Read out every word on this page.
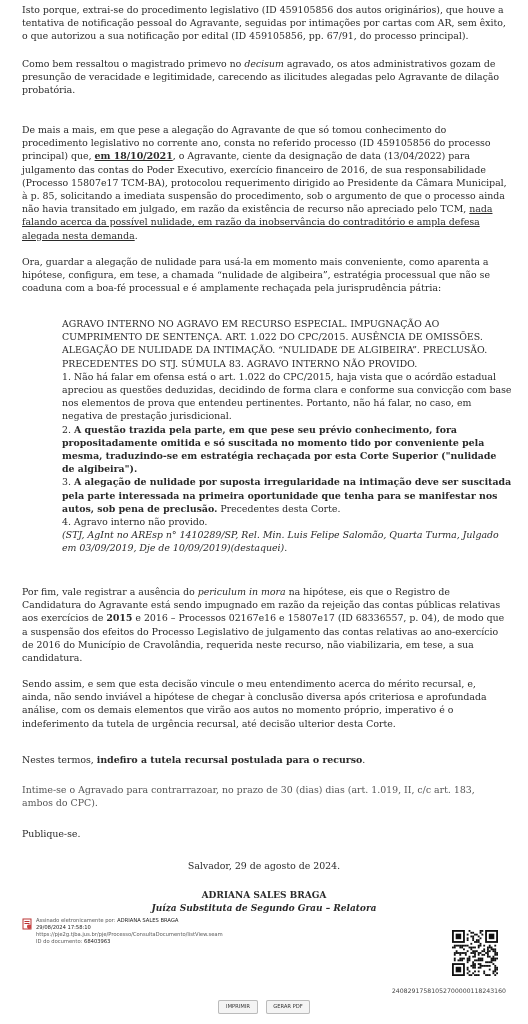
Isto porque, extrai-se do procedimento legislativo (ID 459105856 dos autos originários), que houve a tentativa de notificação pessoal do Agravante, seguidas por intimações por cartas com AR, sem êxito, o que autorizou a sua notificação por edital (ID 459105856, pp. 67/91, do processo principal).

Como bem ressaltou o magistrado primevo no decisum agravado, os atos administrativos gozam de presunção de veracidade e legitimidade, carecendo as ilicitudes alegadas pelo Agravante de dilação probatória.

De mais a mais, em que pese a alegação do Agravante de que só tomou conhecimento do procedimento legislativo no corrente ano, consta no referido processo (ID 459105856 do processo principal) que, em 18/10/2021, o Agravante, ciente da designação de data (13/04/2022) para julgamento das contas do Poder Executivo, exercício financeiro de 2016, de sua responsabilidade (Processo 15807e17 TCM-BA), protocolou requerimento dirigido ao Presidente da Câmara Municipal, à p. 85, solicitando a imediata suspensão do procedimento, sob o argumento de que o processo ainda não havia transitado em julgado, em razão da existência de recurso não apreciado pelo TCM, nada falando acerca da possível nulidade, em razão da inobservância do contraditório e ampla defesa alegada nesta demanda.

Ora, guardar a alegação de nulidade para usá-la em momento mais conveniente, como aparenta a hipótese, configura, em tese, a chamada “nulidade de algibeira”, estratégia processual que não se coaduna com a boa-fé processual e é amplamente rechaçada pela jurisprudência pátria:

AGRAVO INTERNO NO AGRAVO EM RECURSO ESPECIAL. IMPUGNAÇÃO AO CUMPRIMENTO DE SENTENÇA. ART. 1.022 DO CPC/2015. AUSÊNCIA DE OMISSÕES. ALEGAÇÃO DE NULIDADE DA INTIMAÇÃO. “NULIDADE DE ALGIBEIRA”. PRECLUSÃO. PRECEDENTES DO STJ. SÚMULA 83. AGRAVO INTERNO NÃO PROVIDO.

1. Não há falar em ofensa está o art. 1.022 do CPC/2015, haja vista que o acórdão estadual apreciou as questões deduzidas, decidindo de forma clara e conforme sua convicção com base nos elementos de prova que entendeu pertinentes. Portanto, não há falar, no caso, em negativa de prestação jurisdicional.

2. A questão trazida pela parte, em que pese seu prévio conhecimento, fora propositadamente omitida e só suscitada no momento tido por conveniente pela mesma, traduzindo-se em estratégia rechaçada por esta Corte Superior ("nulidade de algibeira").

3. A alegação de nulidade por suposta irregularidade na intimação deve ser suscitada pela parte interessada na primeira oportunidade que tenha para se manifestar nos autos, sob pena de preclusão. Precedentes desta Corte.

4. Agravo interno não provido.

(STJ, AgInt no AREsp n° 1410289/SP, Rel. Min. Luis Felipe Salomão, Quarta Turma, Julgado em 03/09/2019, Dje de 10/09/2019)(destaquei).

Por fim, vale registrar a ausência do periculum in mora na hipótese, eis que o Registro de Candidatura do Agravante está sendo impugnado em razão da rejeição das contas públicas relativas aos exercícios de 2015 e 2016 – Processos 02167e16 e 15807e17 (ID 68336557, p. 04), de modo que a suspensão dos efeitos do Processo Legislativo de julgamento das contas relativas ao ano-exercício de 2016 do Município de Cravolândia, requerida neste recurso, não viabilizaria, em tese, a sua candidatura.

Sendo assim, e sem que esta decisão vincule o meu entendimento acerca do mérito recursal, e, ainda, não sendo inviável a hipótese de chegar à conclusão diversa após criteriosa e aprofundada análise, com os demais elementos que virão aos autos no momento próprio, imperativo é o indeferimento da tutela de urgência recursal, até decisão ulterior desta Corte.

Nestes termos, indefiro a tutela recursal postulada para o recurso.

Intime-se o Agravado para contrarrazoar, no prazo de 30 (dias) dias (art. 1.019, II, c/c art. 183, ambos do CPC).

Publique-se.

Salvador, 29 de agosto de 2024.

ADRIANA SALES BRAGA

Juíza Substituta de Segundo Grau – Relatora

Assinado eletronicamente por: ADRIANA SALES BRAGA
29/08/2024 17:58:10
https://pje2g.tjba.jus.br/pje/Processo/ConsultaDocumento/listView.seam
ID do documento: 68403963
24082917581052700000118243160
IMPRIMIR	GERAR PDF
